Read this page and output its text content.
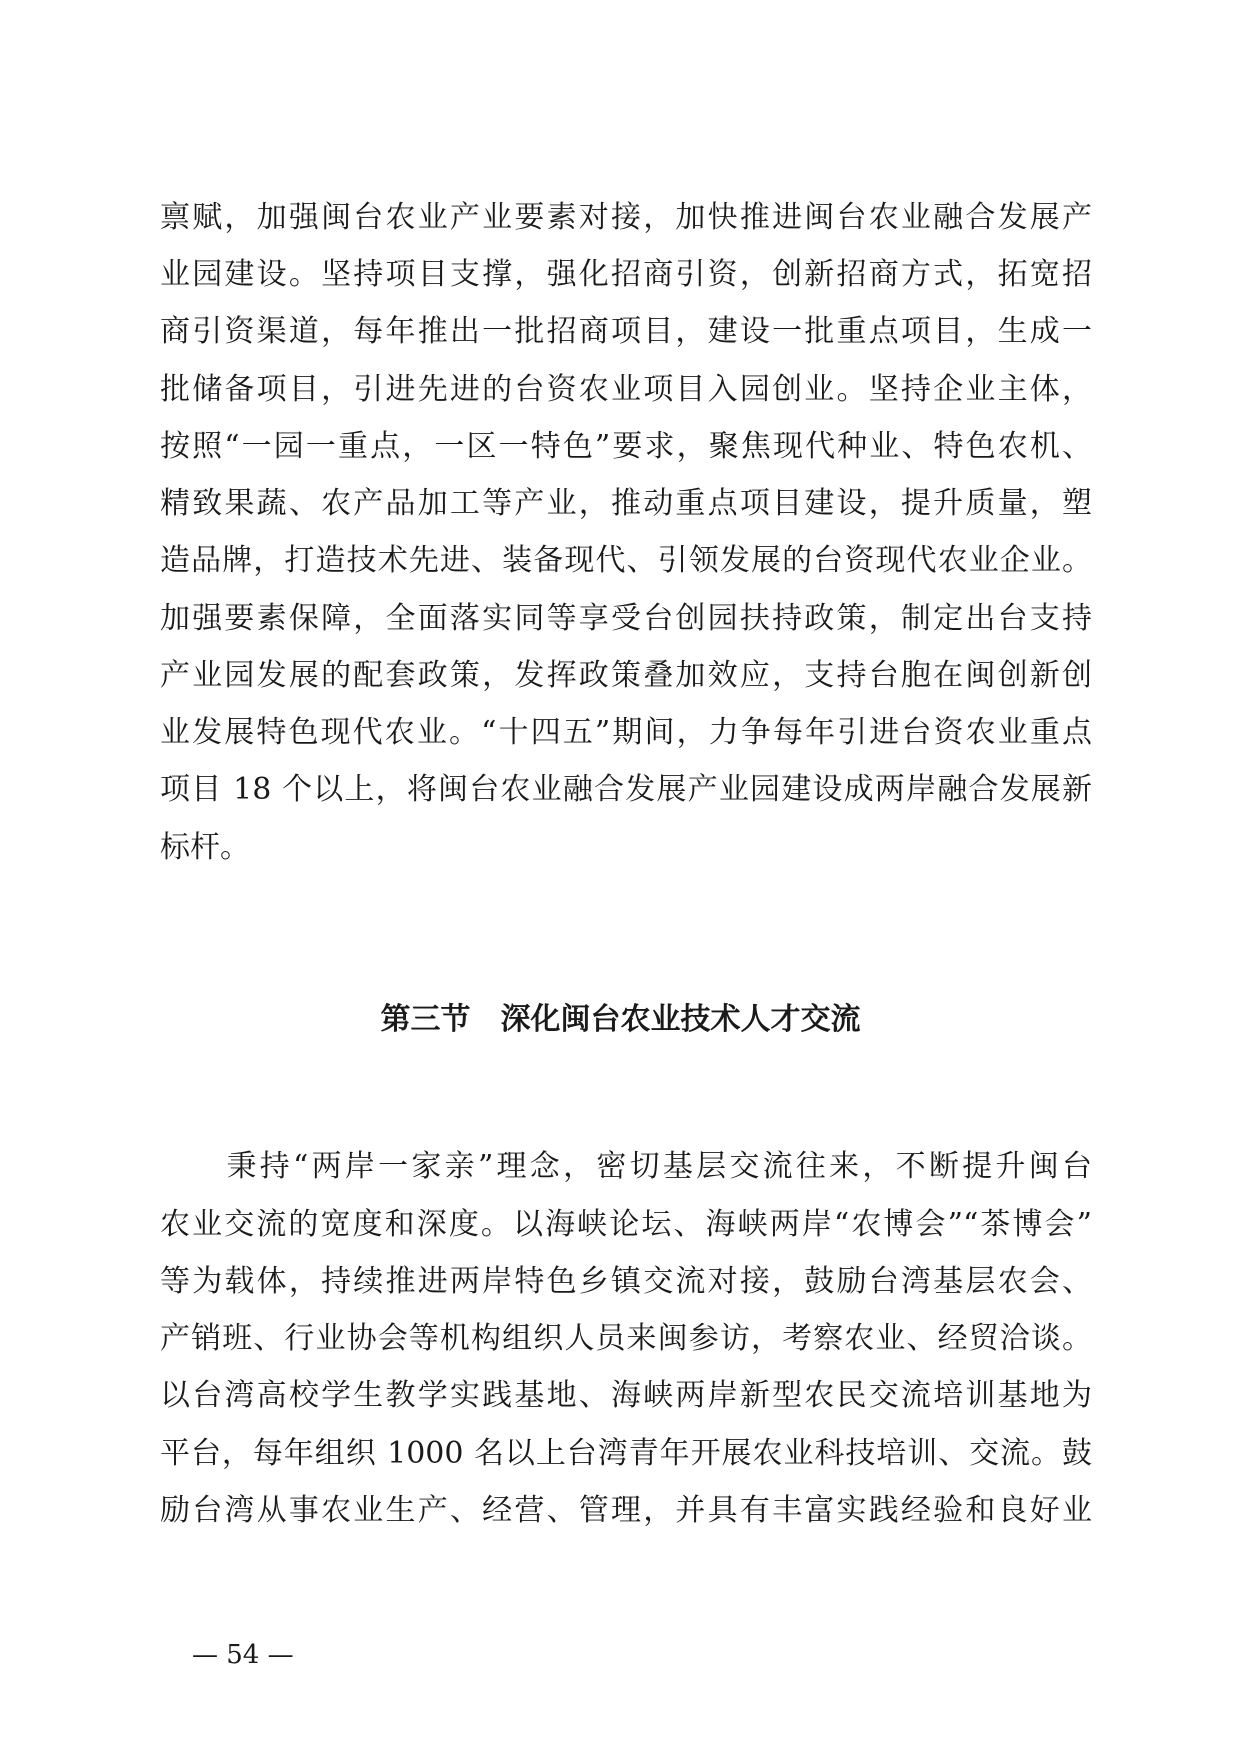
禀赋，加强闽台农业产业要素对接，加快推进闽台农业融合发展产
业园建设。坚持项目支撑，强化招商引资，创新招商方式，拓宽招
商引资渠道，每年推出一批招商项目，建设一批重点项目，生成一
批储备项目，引进先进的台资农业项目入园创业。坚持企业主体，
按照“一园一重点，一区一特色”要求，聚焦现代种业、特色农机、
精致果蔬、农产品加工等产业，推动重点项目建设，提升质量，塑
造品牌，打造技术先进、装备现代、引领发展的台资现代农业企业。
加强要素保障，全面落实同等享受台创园扶持政策，制定出台支持
产业园发展的配套政策，发挥政策叠加效应，支持台胞在闽创新创
业发展特色现代农业。“十四五”期间，力争每年引进台资农业重点
项目 18 个以上，将闽台农业融合发展产业园建设成两岸融合发展新
标杆。
第三节　深化闽台农业技术人才交流
　　秉持“两岸一家亲”理念，密切基层交流往来，不断提升闽台
农业交流的宽度和深度。以海峡论坛、海峡两岸“农博会”“茶博会”
等为载体，持续推进两岸特色乡镇交流对接，鼓励台湾基层农会、
产销班、行业协会等机构组织人员来闽参访，考察农业、经贸洽谈。
以台湾高校学生教学实践基地、海峡两岸新型农民交流培训基地为
平台，每年组织 1000 名以上台湾青年开展农业科技培训、交流。鼓
励台湾从事农业生产、经营、管理，并具有丰富实践经验和良好业
— 54 —
